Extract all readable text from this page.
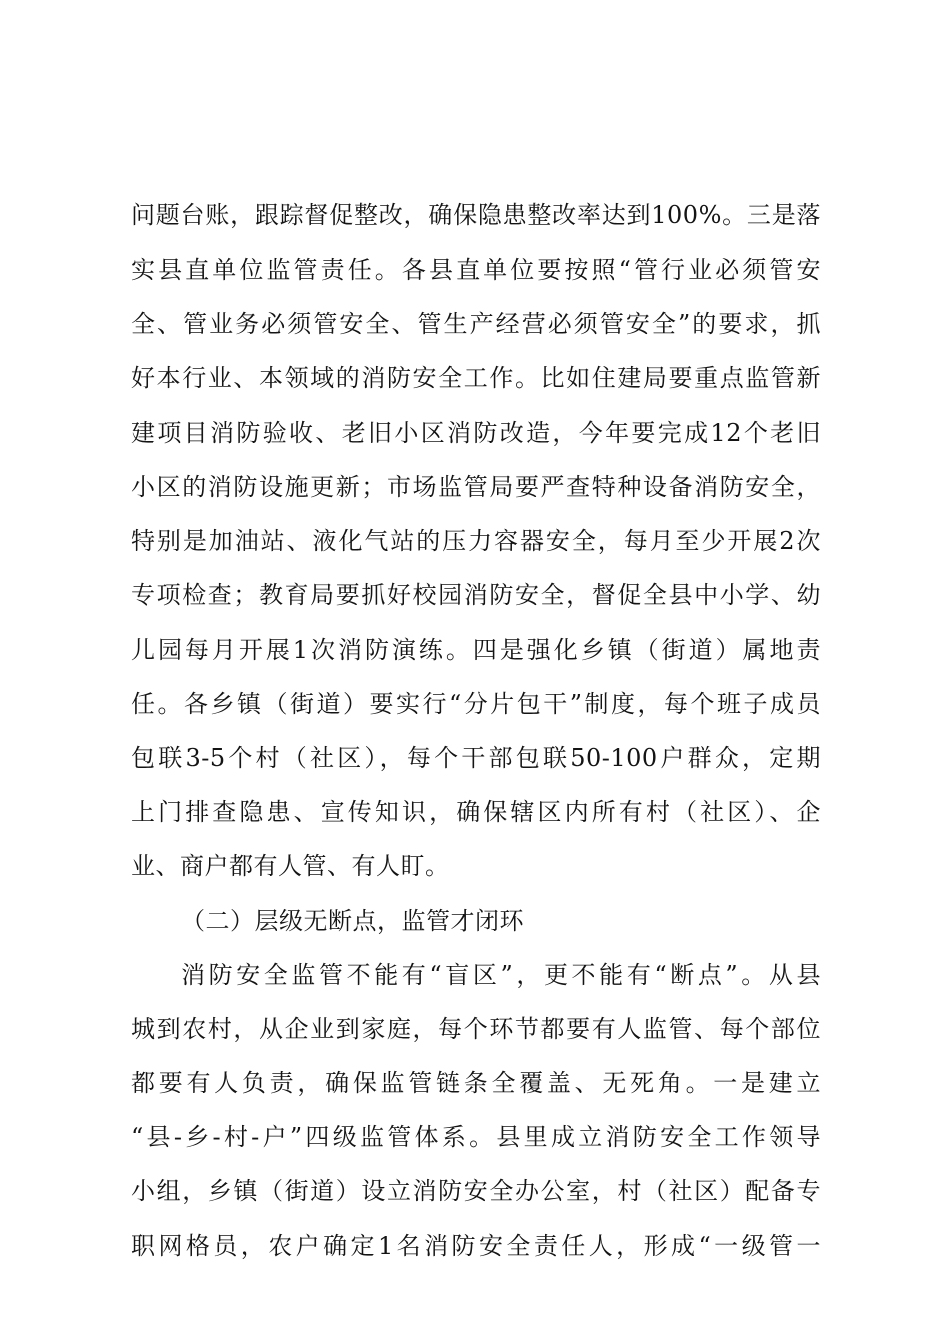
问题台账，跟踪督促整改，确保隐患整改率达到100%。三是落
实县直单位监管责任。各县直单位要按照“管行业必须管安
全、管业务必须管安全、管生产经营必须管安全”的要求，抓
好本行业、本领域的消防安全工作。比如住建局要重点监管新
建项目消防验收、老旧小区消防改造，今年要完成12个老旧
小区的消防设施更新；市场监管局要严查特种设备消防安全，
特别是加油站、液化气站的压力容器安全，每月至少开展2次
专项检查；教育局要抓好校园消防安全，督促全县中小学、幼
儿园每月开展1次消防演练。四是强化乡镇（街道）属地责
任。各乡镇（街道）要实行“分片包干”制度，每个班子成员
包联3-5个村（社区），每个干部包联50-100户群众，定期
上门排查隐患、宣传知识，确保辖区内所有村（社区）、企
业、商户都有人管、有人盯。
（二）层级无断点，监管才闭环
消防安全监管不能有“盲区”，更不能有“断点”。从县
城到农村，从企业到家庭，每个环节都要有人监管、每个部位
都要有人负责，确保监管链条全覆盖、无死角。一是建立
“县-乡-村-户”四级监管体系。县里成立消防安全工作领导
小组，乡镇（街道）设立消防安全办公室，村（社区）配备专
职网格员，农户确定1名消防安全责任人，形成“一级管一
